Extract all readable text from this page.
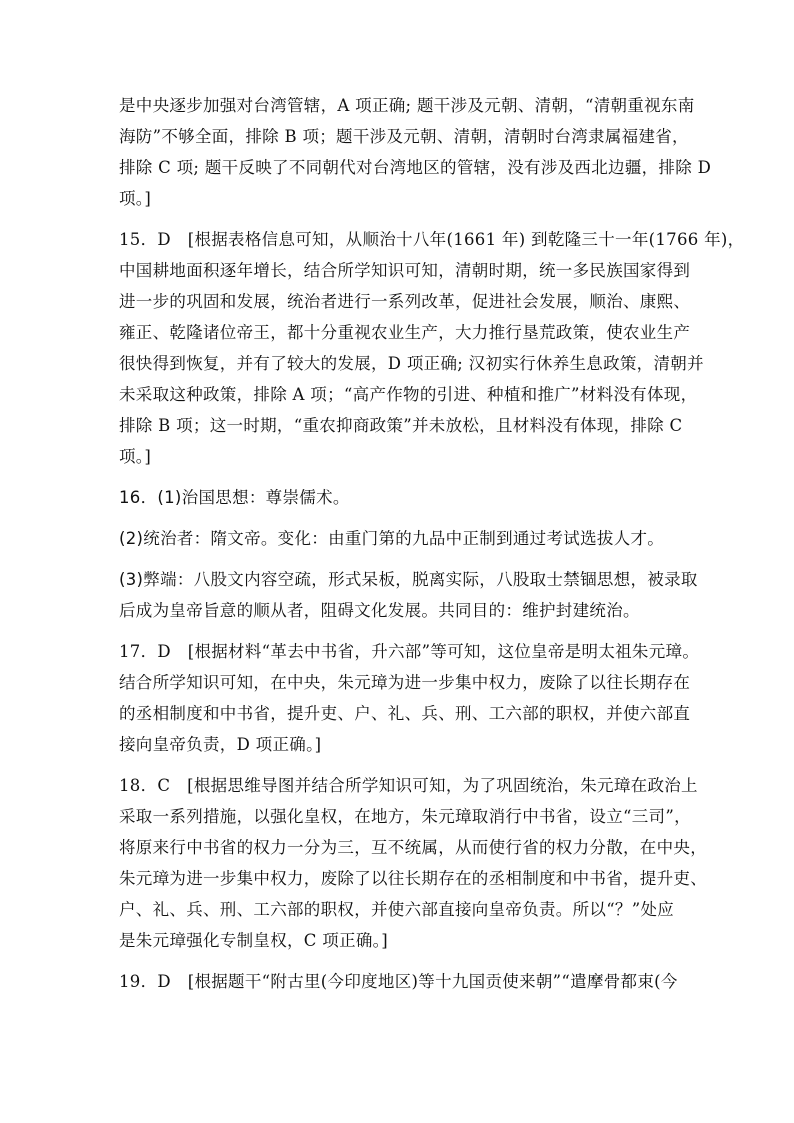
是中央逐步加强对台湾管辖，A 项正确; 题干涉及元朝、清朝，“清朝重视东南
海防”不够全面，排除 B 项；题干涉及元朝、清朝，清朝时台湾隶属福建省，
排除 C 项; 题干反映了不同朝代对台湾地区的管辖，没有涉及西北边疆，排除 D
项。]
15．D　[根据表格信息可知，从顺治十八年(1661 年) 到乾隆三十一年(1766 年)，
中国耕地面积逐年增长，结合所学知识可知，清朝时期，统一多民族国家得到
进一步的巩固和发展，统治者进行一系列改革，促进社会发展，顺治、康熙、
雍正、乾隆诸位帝王，都十分重视农业生产，大力推行垦荒政策，使农业生产
很快得到恢复，并有了较大的发展，D 项正确; 汉初实行休养生息政策，清朝并
未采取这种政策，排除 A 项；“高产作物的引进、种植和推广”材料没有体现，
排除 B 项；这一时期，“重农抑商政策”并未放松，且材料没有体现，排除 C
项。]
16．(1)治国思想：尊崇儒术。
(2)统治者：隋文帝。变化：由重门第的九品中正制到通过考试选拔人才。
(3)弊端：八股文内容空疏，形式呆板，脱离实际，八股取士禁锢思想，被录取
后成为皇帝旨意的顺从者，阻碍文化发展。共同目的：维护封建统治。
17．D　[根据材料“革去中书省，升六部”等可知，这位皇帝是明太祖朱元璋。
结合所学知识可知，在中央，朱元璋为进一步集中权力，废除了以往长期存在
的丞相制度和中书省，提升吏、户、礼、兵、刑、工六部的职权，并使六部直
接向皇帝负责，D 项正确。]
18．C　[根据思维导图并结合所学知识可知，为了巩固统治，朱元璋在政治上
采取一系列措施，以强化皇权，在地方，朱元璋取消行中书省，设立“三司”，
将原来行中书省的权力一分为三，互不统属，从而使行省的权力分散，在中央，
朱元璋为进一步集中权力，废除了以往长期存在的丞相制度和中书省，提升吏、
户、礼、兵、刑、工六部的职权，并使六部直接向皇帝负责。所以“？”处应
是朱元璋强化专制皇权，C 项正确。]
19．D　[根据题干“附古里(今印度地区)等十九国贡使来朝”“遣摩骨都束(今
